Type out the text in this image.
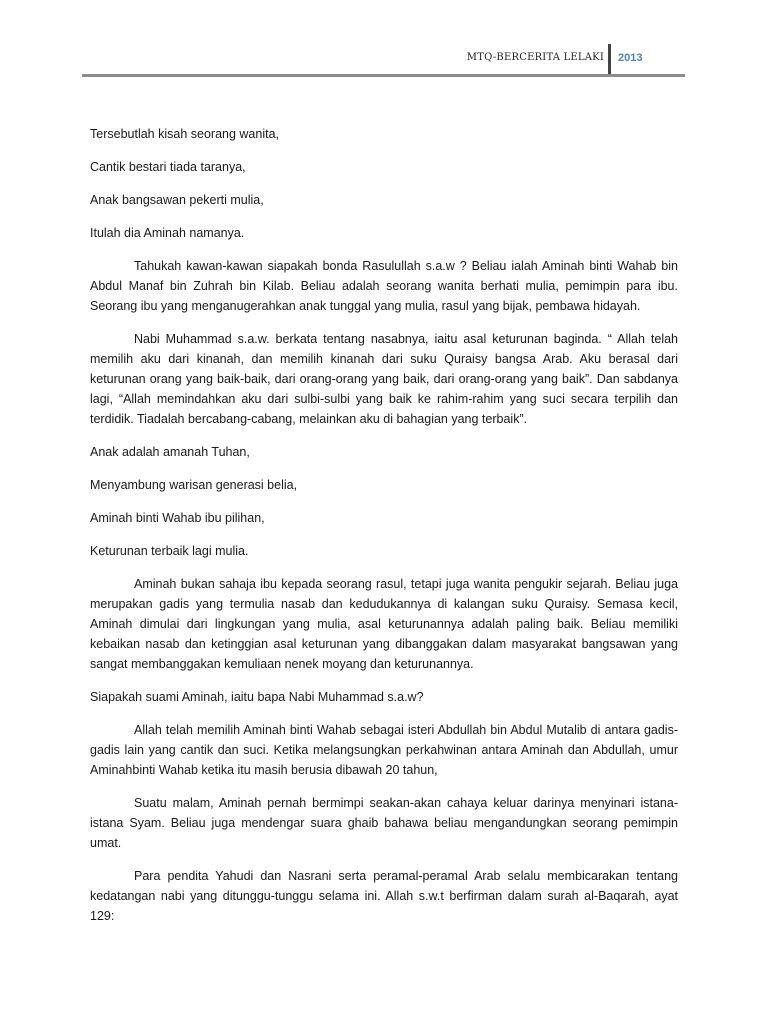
MTQ-BERCERITA LELAKI 2013

Tersebutlah kisah seorang wanita,

Cantik bestari tiada taranya,

Anak bangsawan pekerti mulia,

Itulah dia Aminah namanya.

Tahukah kawan-kawan siapakah bonda Rasulullah s.a.w ? Beliau ialah Aminah binti Wahab bin Abdul Manaf bin Zuhrah bin Kilab. Beliau adalah seorang wanita berhati mulia, pemimpin para ibu. Seorang ibu yang menganugerahkan anak tunggal yang mulia, rasul yang bijak, pembawa hidayah.

Nabi Muhammad s.a.w. berkata tentang nasabnya, iaitu asal keturunan baginda. “ Allah telah memilih aku dari kinanah, dan memilih kinanah dari suku Quraisy bangsa Arab. Aku berasal dari keturunan orang yang baik-baik, dari orang-orang yang baik, dari orang-orang yang baik”. Dan sabdanya lagi, “Allah memindahkan aku dari sulbi-sulbi yang baik ke rahim-rahim yang suci secara terpilih dan terdidik. Tiadalah bercabang-cabang, melainkan aku di bahagian yang terbaik”.

Anak adalah amanah Tuhan,

Menyambung warisan generasi belia,

Aminah binti Wahab ibu pilihan,

Keturunan terbaik lagi mulia.

Aminah bukan sahaja ibu kepada seorang rasul, tetapi juga wanita pengukir sejarah. Beliau juga merupakan gadis yang termulia nasab dan kedudukannya di kalangan suku Quraisy. Semasa kecil, Aminah dimulai dari lingkungan yang mulia, asal keturunannya adalah paling baik. Beliau memiliki kebaikan nasab dan ketinggian asal keturunan yang dibanggakan dalam masyarakat bangsawan yang sangat membanggakan kemuliaan nenek moyang dan keturunannya.

Siapakah suami Aminah, iaitu bapa Nabi Muhammad s.a.w?

Allah telah memilih Aminah binti Wahab sebagai isteri Abdullah bin Abdul Mutalib di antara gadis-gadis lain yang cantik dan suci. Ketika melangsungkan perkahwinan antara Aminah dan Abdullah, umur Aminahbinti Wahab ketika itu masih berusia dibawah 20 tahun,

Suatu malam, Aminah pernah bermimpi seakan-akan cahaya keluar darinya menyinari istana-istana Syam. Beliau juga mendengar suara ghaib bahawa beliau mengandungkan seorang pemimpin umat.

Para pendita Yahudi dan Nasrani serta peramal-peramal Arab selalu membicarakan tentang kedatangan nabi yang ditunggu-tunggu selama ini. Allah s.w.t berfirman dalam surah al-Baqarah, ayat 129:
